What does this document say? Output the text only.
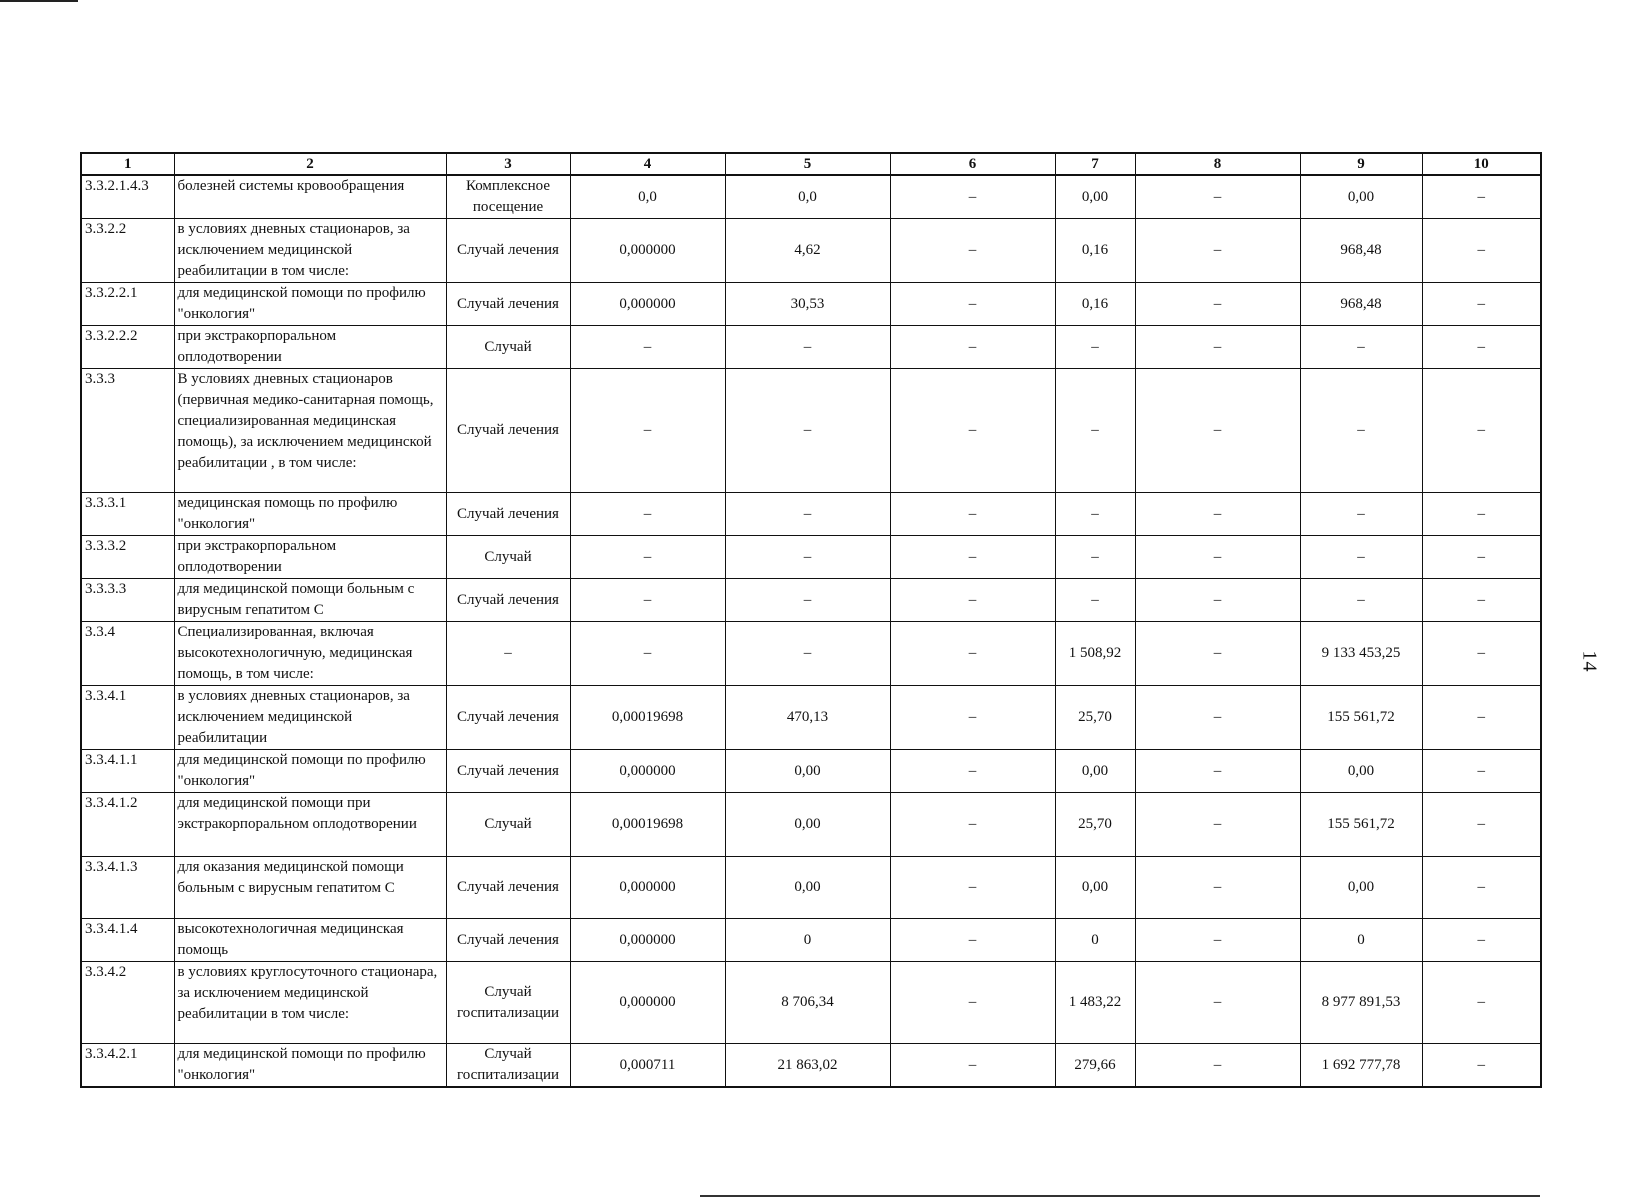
14
1	2	3	4	5	6	7	8	9	10
3.3.2.1.4.3	болезней системы кровообращения	Комплексное посещение	0,0	0,0	–	0,00	–	0,00	–
3.3.2.2	в условиях дневных стационаров, за исключением медицинской реабилитации в том числе:	Случай лечения	0,000000	4,62	–	0,16	–	968,48	–
3.3.2.2.1	для медицинской помощи по профилю "онкология"	Случай лечения	0,000000	30,53	–	0,16	–	968,48	–
3.3.2.2.2	при экстракорпоральном оплодотворении	Случай	–	–	–	–	–	–	–
3.3.3	В условиях дневных стационаров (первичная медико-санитарная помощь, специализированная медицинская помощь), за исключением медицинской реабилитации , в том числе:	Случай лечения	–	–	–	–	–	–	–
3.3.3.1	медицинская помощь по профилю "онкология"	Случай лечения	–	–	–	–	–	–	–
3.3.3.2	при экстракорпоральном оплодотворении	Случай	–	–	–	–	–	–	–
3.3.3.3	для медицинской помощи больным с вирусным гепатитом С	Случай лечения	–	–	–	–	–	–	–
3.3.4	Специализированная, включая высокотехнологичную, медицинская помощь, в том числе:	–	–	–	–	1 508,92	–	9 133 453,25	–
3.3.4.1	в условиях дневных стационаров, за исключением медицинской реабилитации	Случай лечения	0,00019698	470,13	–	25,70	–	155 561,72	–
3.3.4.1.1	для медицинской помощи по профилю "онкология"	Случай лечения	0,000000	0,00	–	0,00	–	0,00	–
3.3.4.1.2	для медицинской помощи при экстракорпоральном оплодотворении	Случай	0,00019698	0,00	–	25,70	–	155 561,72	–
3.3.4.1.3	для оказания медицинской помощи больным с вирусным гепатитом С	Случай лечения	0,000000	0,00	–	0,00	–	0,00	–
3.3.4.1.4	высокотехнологичная медицинская помощь	Случай лечения	0,000000	0	–	0	–	0	–
3.3.4.2	в условиях круглосуточного стационара, за исключением медицинской реабилитации в том числе:	Случай госпитализации	0,000000	8 706,34	–	1 483,22	–	8 977 891,53	–
3.3.4.2.1	для медицинской помощи по профилю "онкология"	Случай госпитализации	0,000711	21 863,02	–	279,66	–	1 692 777,78	–
